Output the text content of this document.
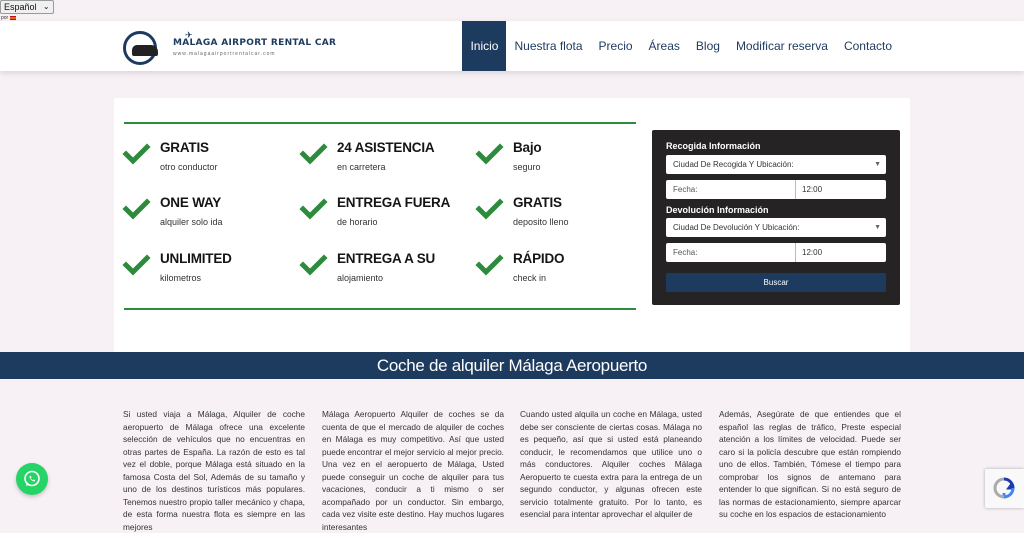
Español ⌄
por
✈
MALAGA AIRPORT RENTAL CAR
www.malagaairportrentalcar.com
Inicio	Nuestra flota	Precio	Áreas	Blog	Modificar reserva	Contacto
GRATIS
otro conductor
24 ASISTENCIA
en carretera
Bajo
seguro
ONE WAY
alquiler solo ida
ENTREGA FUERA
de horario
GRATIS
deposito lleno
UNLIMITED
kilometros
ENTREGA A SU
alojamiento
RÁPIDO
check in
Recogida Información
Ciudad De Recogida Y Ubicación:	▼
Fecha:	12:00
Devolución Información
Ciudad De Devolución Y Ubicación:	▼
Fecha:	12:00
Buscar
Coche de alquiler Málaga Aeropuerto

Si usted viaja a Málaga, Alquiler de coche aeropuerto de Málaga ofrece una excelente selección de vehículos que no encuentras en otras partes de España. La razón de esto es tal vez el doble, porque Málaga está situado en la famosa Costa del Sol, Además de su tamaño y uno de los destinos turísticos más populares. Tenemos nuestro propio taller mecánico y chapa, de esta forma nuestra flota es siempre en las mejores

Málaga Aeropuerto Alquiler de coches se da cuenta de que el mercado de alquiler de coches en Málaga es muy competitivo. Así que usted puede encontrar el mejor servicio al mejor precio. Una vez en el aeropuerto de Málaga, Usted puede conseguir un coche de alquiler para tus vacaciones, conducir a ti mismo o ser acompañado por un conductor. Sin embargo, cada vez visite este destino. Hay muchos lugares interesantes

Cuando usted alquila un coche en Málaga, usted debe ser consciente de ciertas cosas. Málaga no es pequeño, así que si usted está planeando conducir, le recomendamos que utilice uno o más conductores. Alquiler coches Málaga Aeropuerto te cuesta extra para la entrega de un segundo conductor, y algunas ofrecen este servicio totalmente gratuito. Por lo tanto, es esencial para intentar aprovechar el alquiler de

Además, Asegúrate de que entiendes que el español las reglas de tráfico, Preste especial atención a los límites de velocidad. Puede ser caro si la policía descubre que están rompiendo uno de ellos. También, Tómese el tiempo para comprobar los signos de antemano para entender lo que significan. Si no está seguro de las normas de estacionamiento, siempre aparcar su coche en los espacios de estacionamiento
